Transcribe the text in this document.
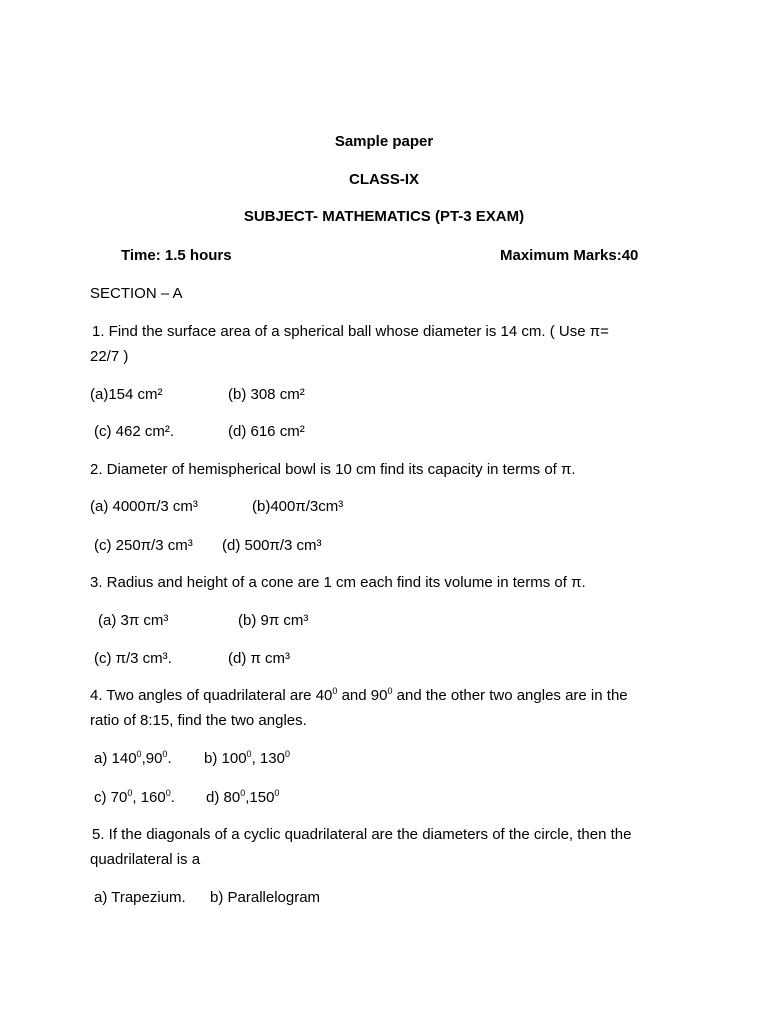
Sample paper
CLASS-IX
SUBJECT- MATHEMATICS (PT-3 EXAM)
Time: 1.5 hours	Maximum Marks:40
SECTION – A
1. Find the surface area of a spherical ball whose diameter is 14 cm. ( Use π=
22/7 )
(a)154 cm²	(b) 308 cm²
(c) 462 cm².	(d) 616 cm²
2. Diameter of hemispherical bowl is 10 cm find its capacity in terms of π.
(a) 4000π/3 cm³	(b)400π/3cm³
(c) 250π/3 cm³ (d) 500π/3 cm³
3. Radius and height of a cone are 1 cm each find its volume in terms of π.
(a) 3π cm³	(b) 9π cm³
(c) π/3 cm³.	(d) π cm³
4. Two angles of quadrilateral are $40^0$ and $90^0$ and the other two angles are in the
ratio of 8:15, find the two angles.
a) $140^0,90^0$. b) $100^0$, $130^0$
c) $70^0$, $160^0$. d) $80^0,150^0$
5. If the diagonals of a cyclic quadrilateral are the diameters of the circle, then the
quadrilateral is a
a) Trapezium. b) Parallelogram
